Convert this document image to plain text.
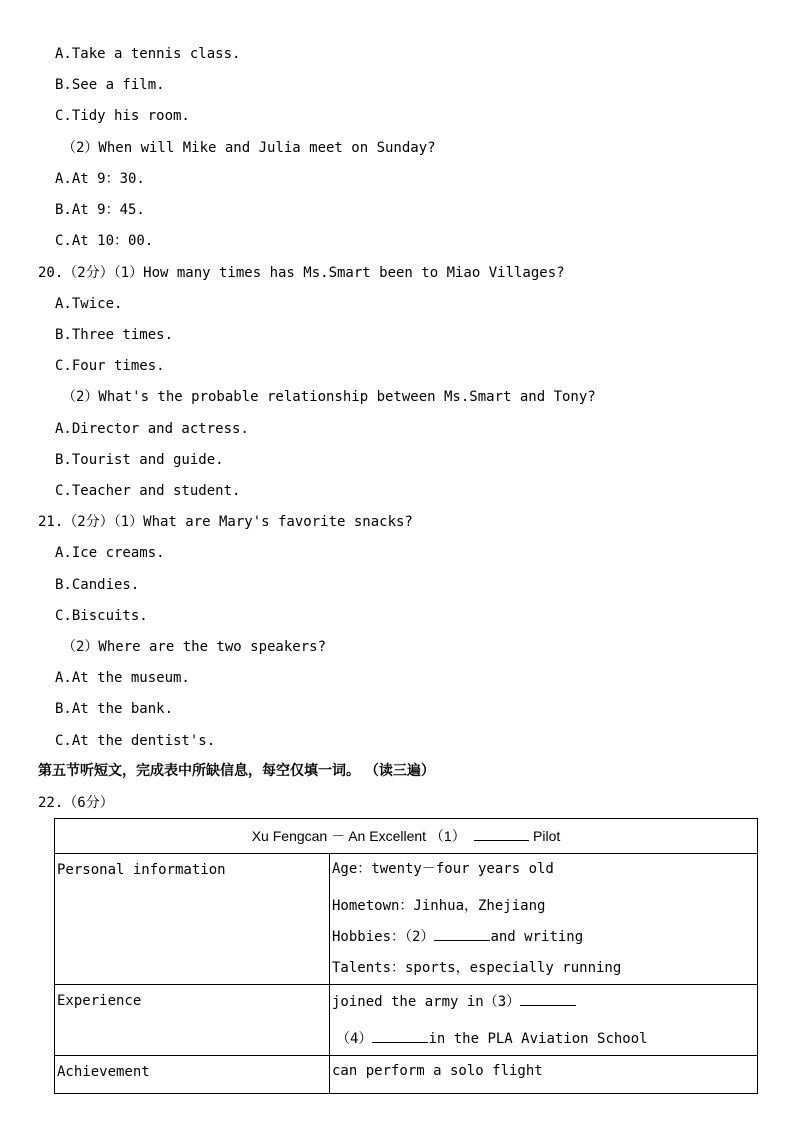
A.Take a tennis class.
B.See a film.
C.Tidy his room.
（2）When will Mike and Julia meet on Sunday?
A.At 9：30.
B.At 9：45.
C.At 10：00.
20.（2分）（1）How many times has Ms.Smart been to Miao Villages?
A.Twice.
B.Three times.
C.Four times.
（2）What's the probable relationship between Ms.Smart and Tony?
A.Director and actress.
B.Tourist and guide.
C.Teacher and student.
21.（2分）（1）What are Mary's favorite snacks?
A.Ice creams.
B.Candies.
C.Biscuits.
（2）Where are the two speakers?
A.At the museum.
B.At the bank.
C.At the dentist's.
第五节听短文，完成表中所缺信息，每空仅填一词。 （读三遍）
22.（6分）
Xu Fengcan － An Excellent （1） Pilot	
Personal information	Age：twenty－four years old
Hometown：Jinhua，Zhejiang
Hobbies：（2） and writing
Talents：sports，especially running

Experience	joined the army in（3）
（4） in the PLA Aviation School

Achievement	can perform a solo flight
